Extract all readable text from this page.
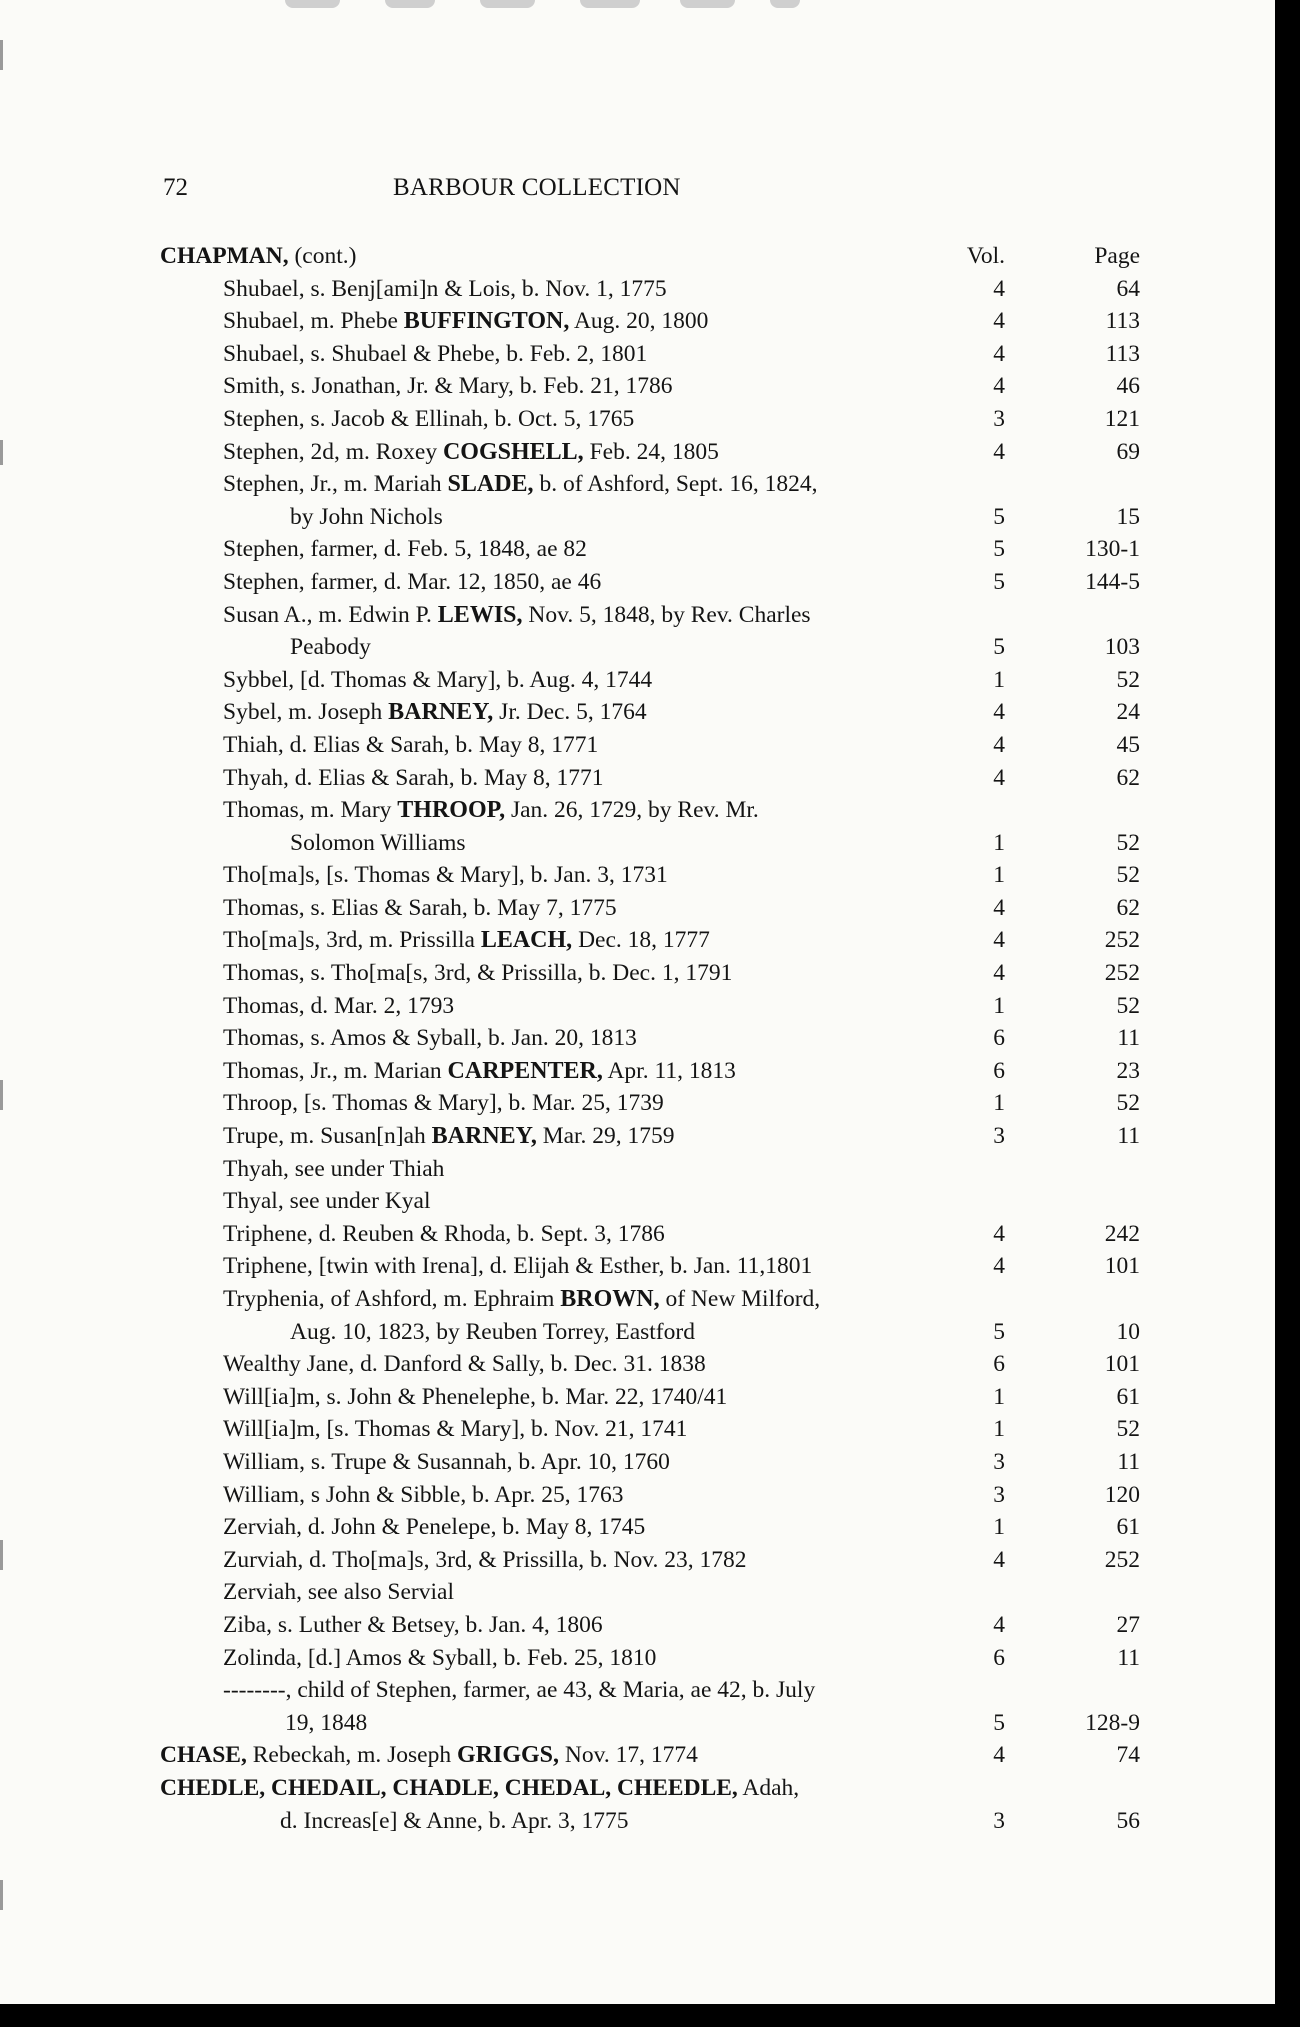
72	BARBOUR COLLECTION
CHAPMAN, (cont.)	Vol.	Page
Shubael, s. Benj[ami]n & Lois, b. Nov. 1, 1775	4	64
Shubael, m. Phebe BUFFINGTON, Aug. 20, 1800	4	113
Shubael, s. Shubael & Phebe, b. Feb. 2, 1801	4	113
Smith, s. Jonathan, Jr. & Mary, b. Feb. 21, 1786	4	46
Stephen, s. Jacob & Ellinah, b. Oct. 5, 1765	3	121
Stephen, 2d, m. Roxey COGSHELL, Feb. 24, 1805	4	69
Stephen, Jr., m. Mariah SLADE, b. of Ashford, Sept. 16, 1824,
by John Nichols	5	15
Stephen, farmer, d. Feb. 5, 1848, ae 82	5	130-1
Stephen, farmer, d. Mar. 12, 1850, ae 46	5	144-5
Susan A., m. Edwin P. LEWIS, Nov. 5, 1848, by Rev. Charles
Peabody	5	103
Sybbel, [d. Thomas & Mary], b. Aug. 4, 1744	1	52
Sybel, m. Joseph BARNEY, Jr. Dec. 5, 1764	4	24
Thiah, d. Elias & Sarah, b. May 8, 1771	4	45
Thyah, d. Elias & Sarah, b. May 8, 1771	4	62
Thomas, m. Mary THROOP, Jan. 26, 1729, by Rev. Mr.
Solomon Williams	1	52
Tho[ma]s, [s. Thomas & Mary], b. Jan. 3, 1731	1	52
Thomas, s. Elias & Sarah, b. May 7, 1775	4	62
Tho[ma]s, 3rd, m. Prissilla LEACH, Dec. 18, 1777	4	252
Thomas, s. Tho[ma[s, 3rd, & Prissilla, b. Dec. 1, 1791	4	252
Thomas, d. Mar. 2, 1793	1	52
Thomas, s. Amos & Syball, b. Jan. 20, 1813	6	11
Thomas, Jr., m. Marian CARPENTER, Apr. 11, 1813	6	23
Throop, [s. Thomas & Mary], b. Mar. 25, 1739	1	52
Trupe, m. Susan[n]ah BARNEY, Mar. 29, 1759	3	11
Thyah, see under Thiah
Thyal, see under Kyal
Triphene, d. Reuben & Rhoda, b. Sept. 3, 1786	4	242
Triphene, [twin with Irena], d. Elijah & Esther, b. Jan. 11,1801	4	101
Tryphenia, of Ashford, m. Ephraim BROWN, of New Milford,
Aug. 10, 1823, by Reuben Torrey, Eastford	5	10
Wealthy Jane, d. Danford & Sally, b. Dec. 31. 1838	6	101
Will[ia]m, s. John & Phenelephe, b. Mar. 22, 1740/41	1	61
Will[ia]m, [s. Thomas & Mary], b. Nov. 21, 1741	1	52
William, s. Trupe & Susannah, b. Apr. 10, 1760	3	11
William, s John & Sibble, b. Apr. 25, 1763	3	120
Zerviah, d. John & Penelepe, b. May 8, 1745	1	61
Zurviah, d. Tho[ma]s, 3rd, & Prissilla, b. Nov. 23, 1782	4	252
Zerviah, see also Servial
Ziba, s. Luther & Betsey, b. Jan. 4, 1806	4	27
Zolinda, [d.] Amos & Syball, b. Feb. 25, 1810	6	11
--------, child of Stephen, farmer, ae 43, & Maria, ae 42, b. July
19, 1848	5	128-9
CHASE, Rebeckah, m. Joseph GRIGGS, Nov. 17, 1774	4	74
CHEDLE, CHEDAIL, CHADLE, CHEDAL, CHEEDLE, Adah,
d. Increas[e] & Anne, b. Apr. 3, 1775	3	56
